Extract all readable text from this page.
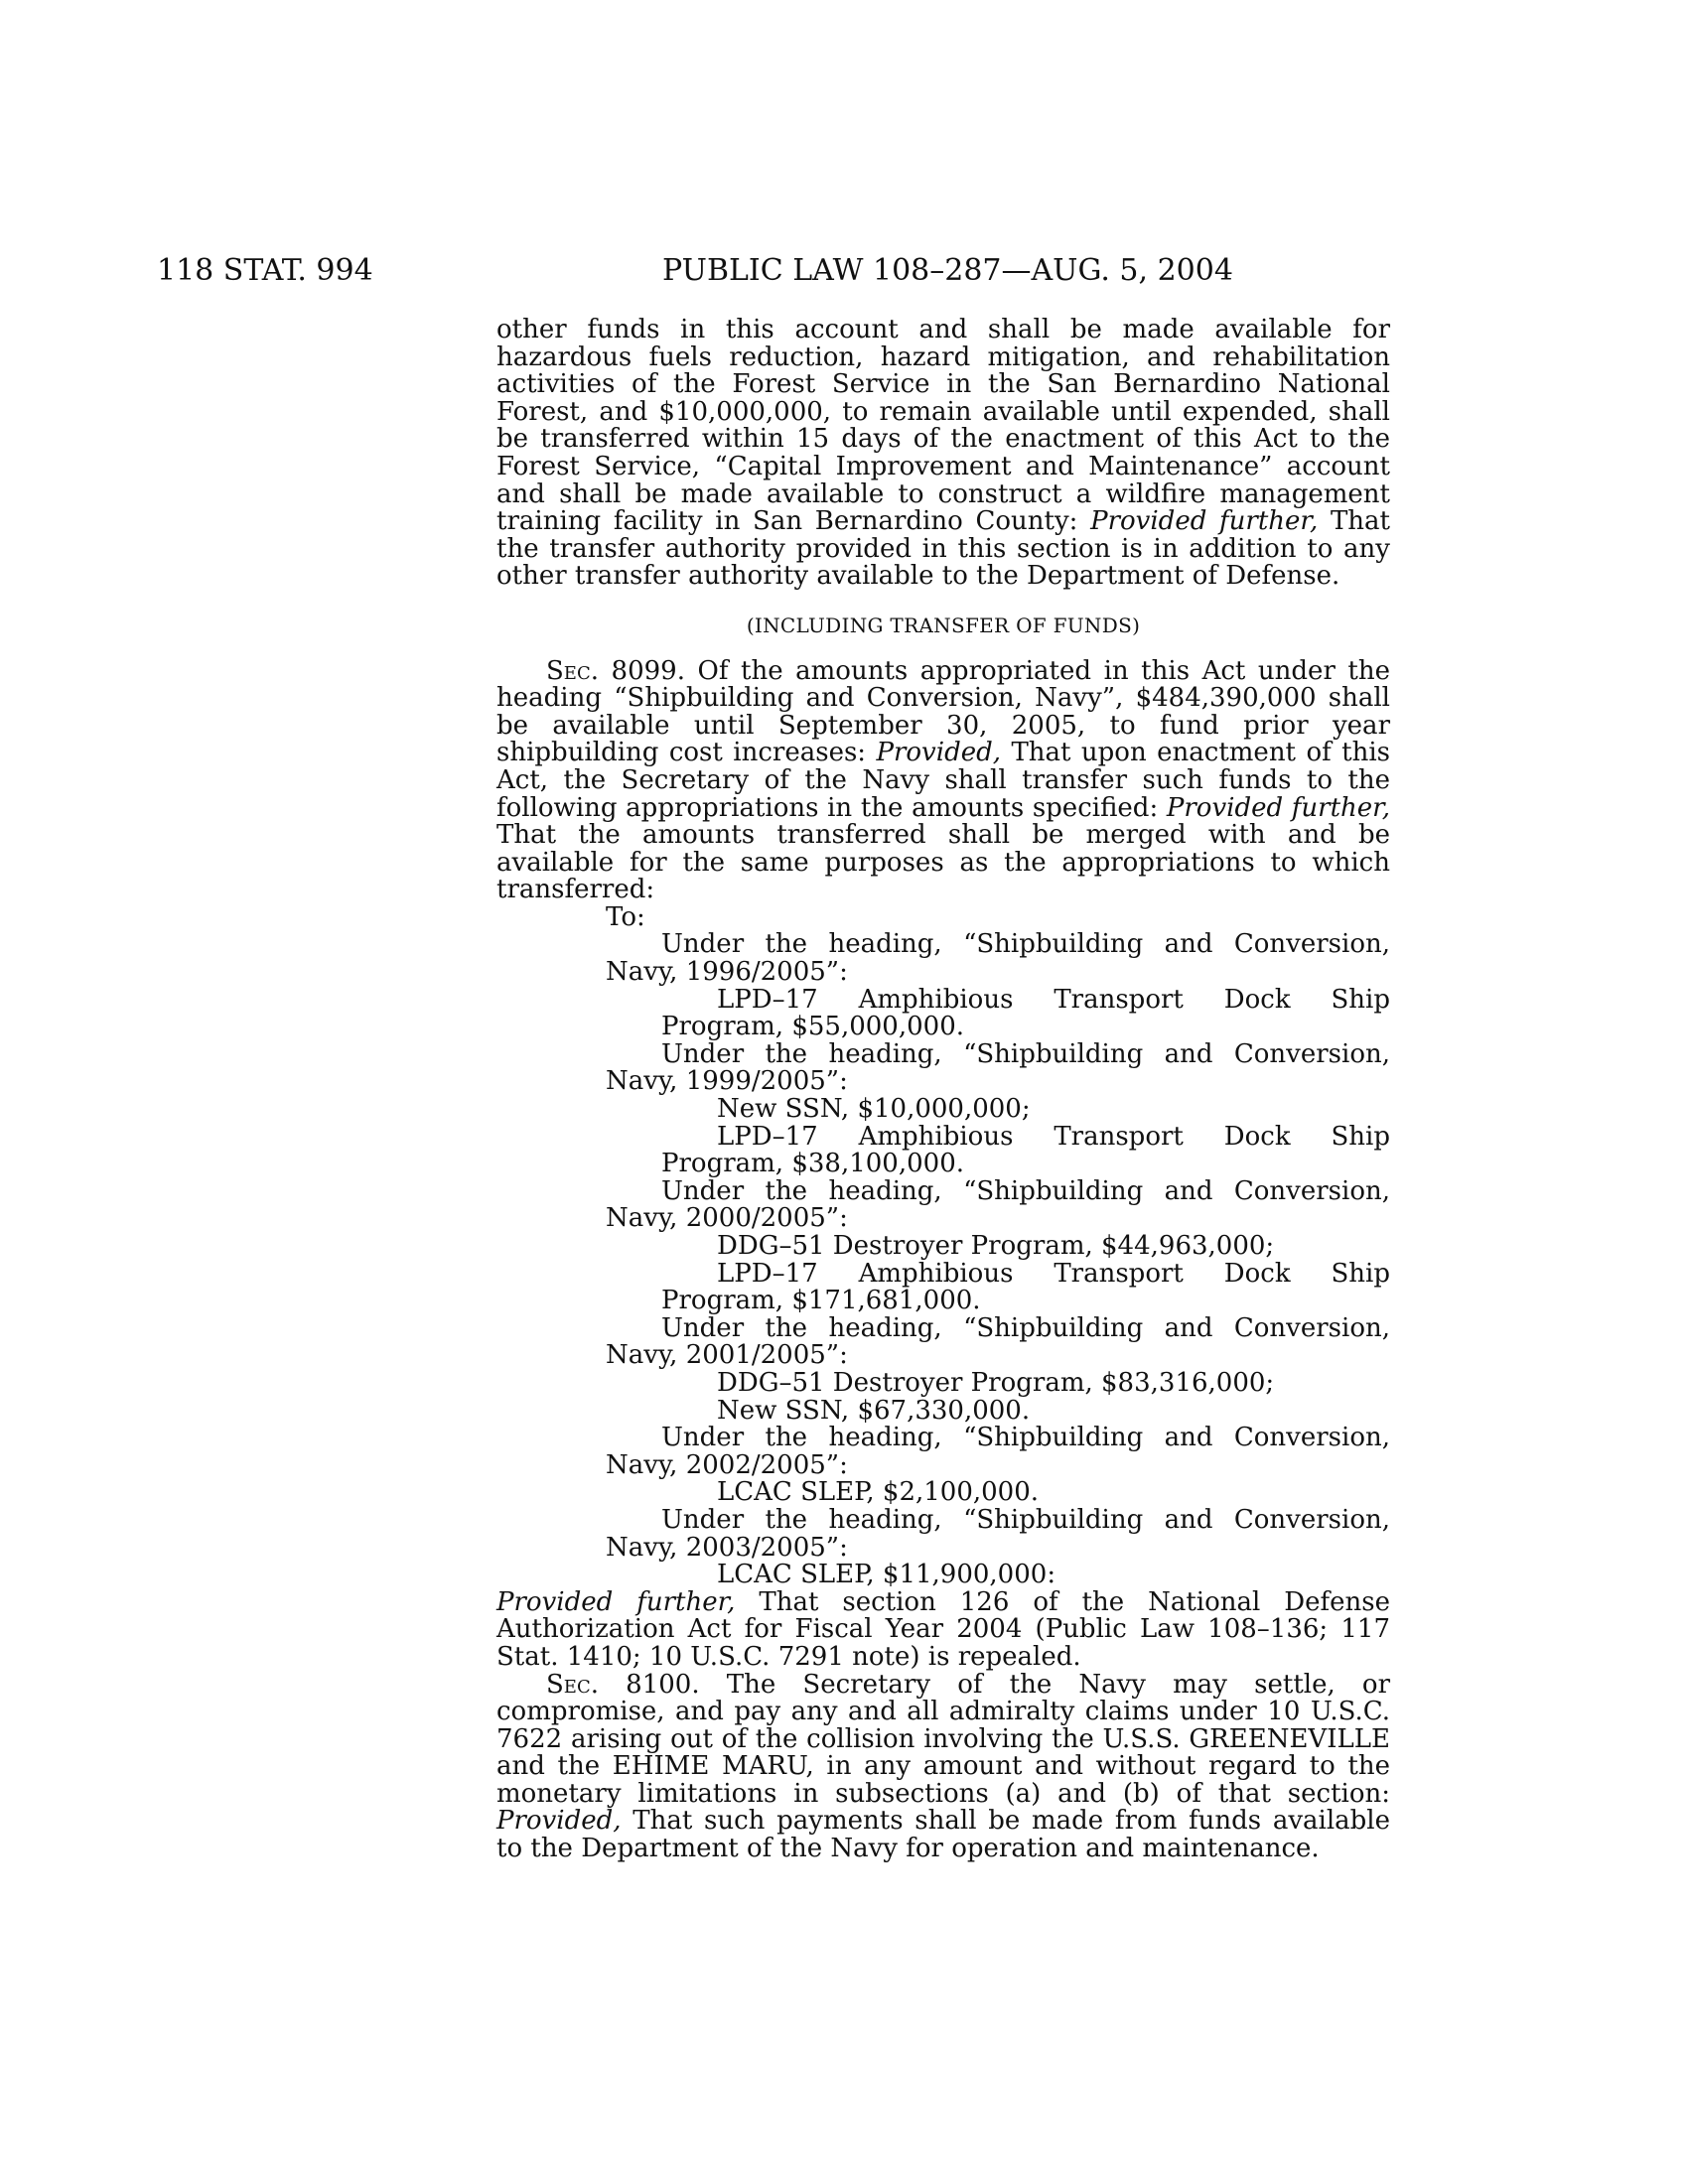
118 STAT. 994	PUBLIC LAW 108–287—AUG. 5, 2004

other funds in this account and shall be made available for hazardous fuels reduction, hazard mitigation, and rehabilitation activities of the Forest Service in the San Bernardino National Forest, and $10,000,000, to remain available until expended, shall be transferred within 15 days of the enactment of this Act to the Forest Service, “Capital Improvement and Maintenance” account and shall be made available to construct a wildfire management training facility in San Bernardino County: Provided further, That the transfer authority provided in this section is in addition to any other transfer authority available to the Department of Defense.

(INCLUDING TRANSFER OF FUNDS)

Sec. 8099. Of the amounts appropriated in this Act under the heading “Shipbuilding and Conversion, Navy”, $484,390,000 shall be available until September 30, 2005, to fund prior year shipbuilding cost increases: Provided, That upon enactment of this Act, the Secretary of the Navy shall transfer such funds to the following appropriations in the amounts specified: Provided further, That the amounts transferred shall be merged with and be available for the same purposes as the appropriations to which transferred:

To:

Under the heading, “Shipbuilding and Conversion, Navy, 1996/2005”:

LPD–17 Amphibious Transport Dock Ship Program, $55,000,000.

Under the heading, “Shipbuilding and Conversion, Navy, 1999/2005”:

New SSN, $10,000,000;

LPD–17 Amphibious Transport Dock Ship Program, $38,100,000.

Under the heading, “Shipbuilding and Conversion, Navy, 2000/2005”:

DDG–51 Destroyer Program, $44,963,000;

LPD–17 Amphibious Transport Dock Ship Program, $171,681,000.

Under the heading, “Shipbuilding and Conversion, Navy, 2001/2005”:

DDG–51 Destroyer Program, $83,316,000;

New SSN, $67,330,000.

Under the heading, “Shipbuilding and Conversion, Navy, 2002/2005”:

LCAC SLEP, $2,100,000.

Under the heading, “Shipbuilding and Conversion, Navy, 2003/2005”:

LCAC SLEP, $11,900,000:

Provided further, That section 126 of the National Defense Authorization Act for Fiscal Year 2004 (Public Law 108–136; 117 Stat. 1410; 10 U.S.C. 7291 note) is repealed.

Sec. 8100. The Secretary of the Navy may settle, or compromise, and pay any and all admiralty claims under 10 U.S.C. 7622 arising out of the collision involving the U.S.S. GREENEVILLE and the EHIME MARU, in any amount and without regard to the monetary limitations in subsections (a) and (b) of that section: Provided, That such payments shall be made from funds available to the Department of the Navy for operation and maintenance.
